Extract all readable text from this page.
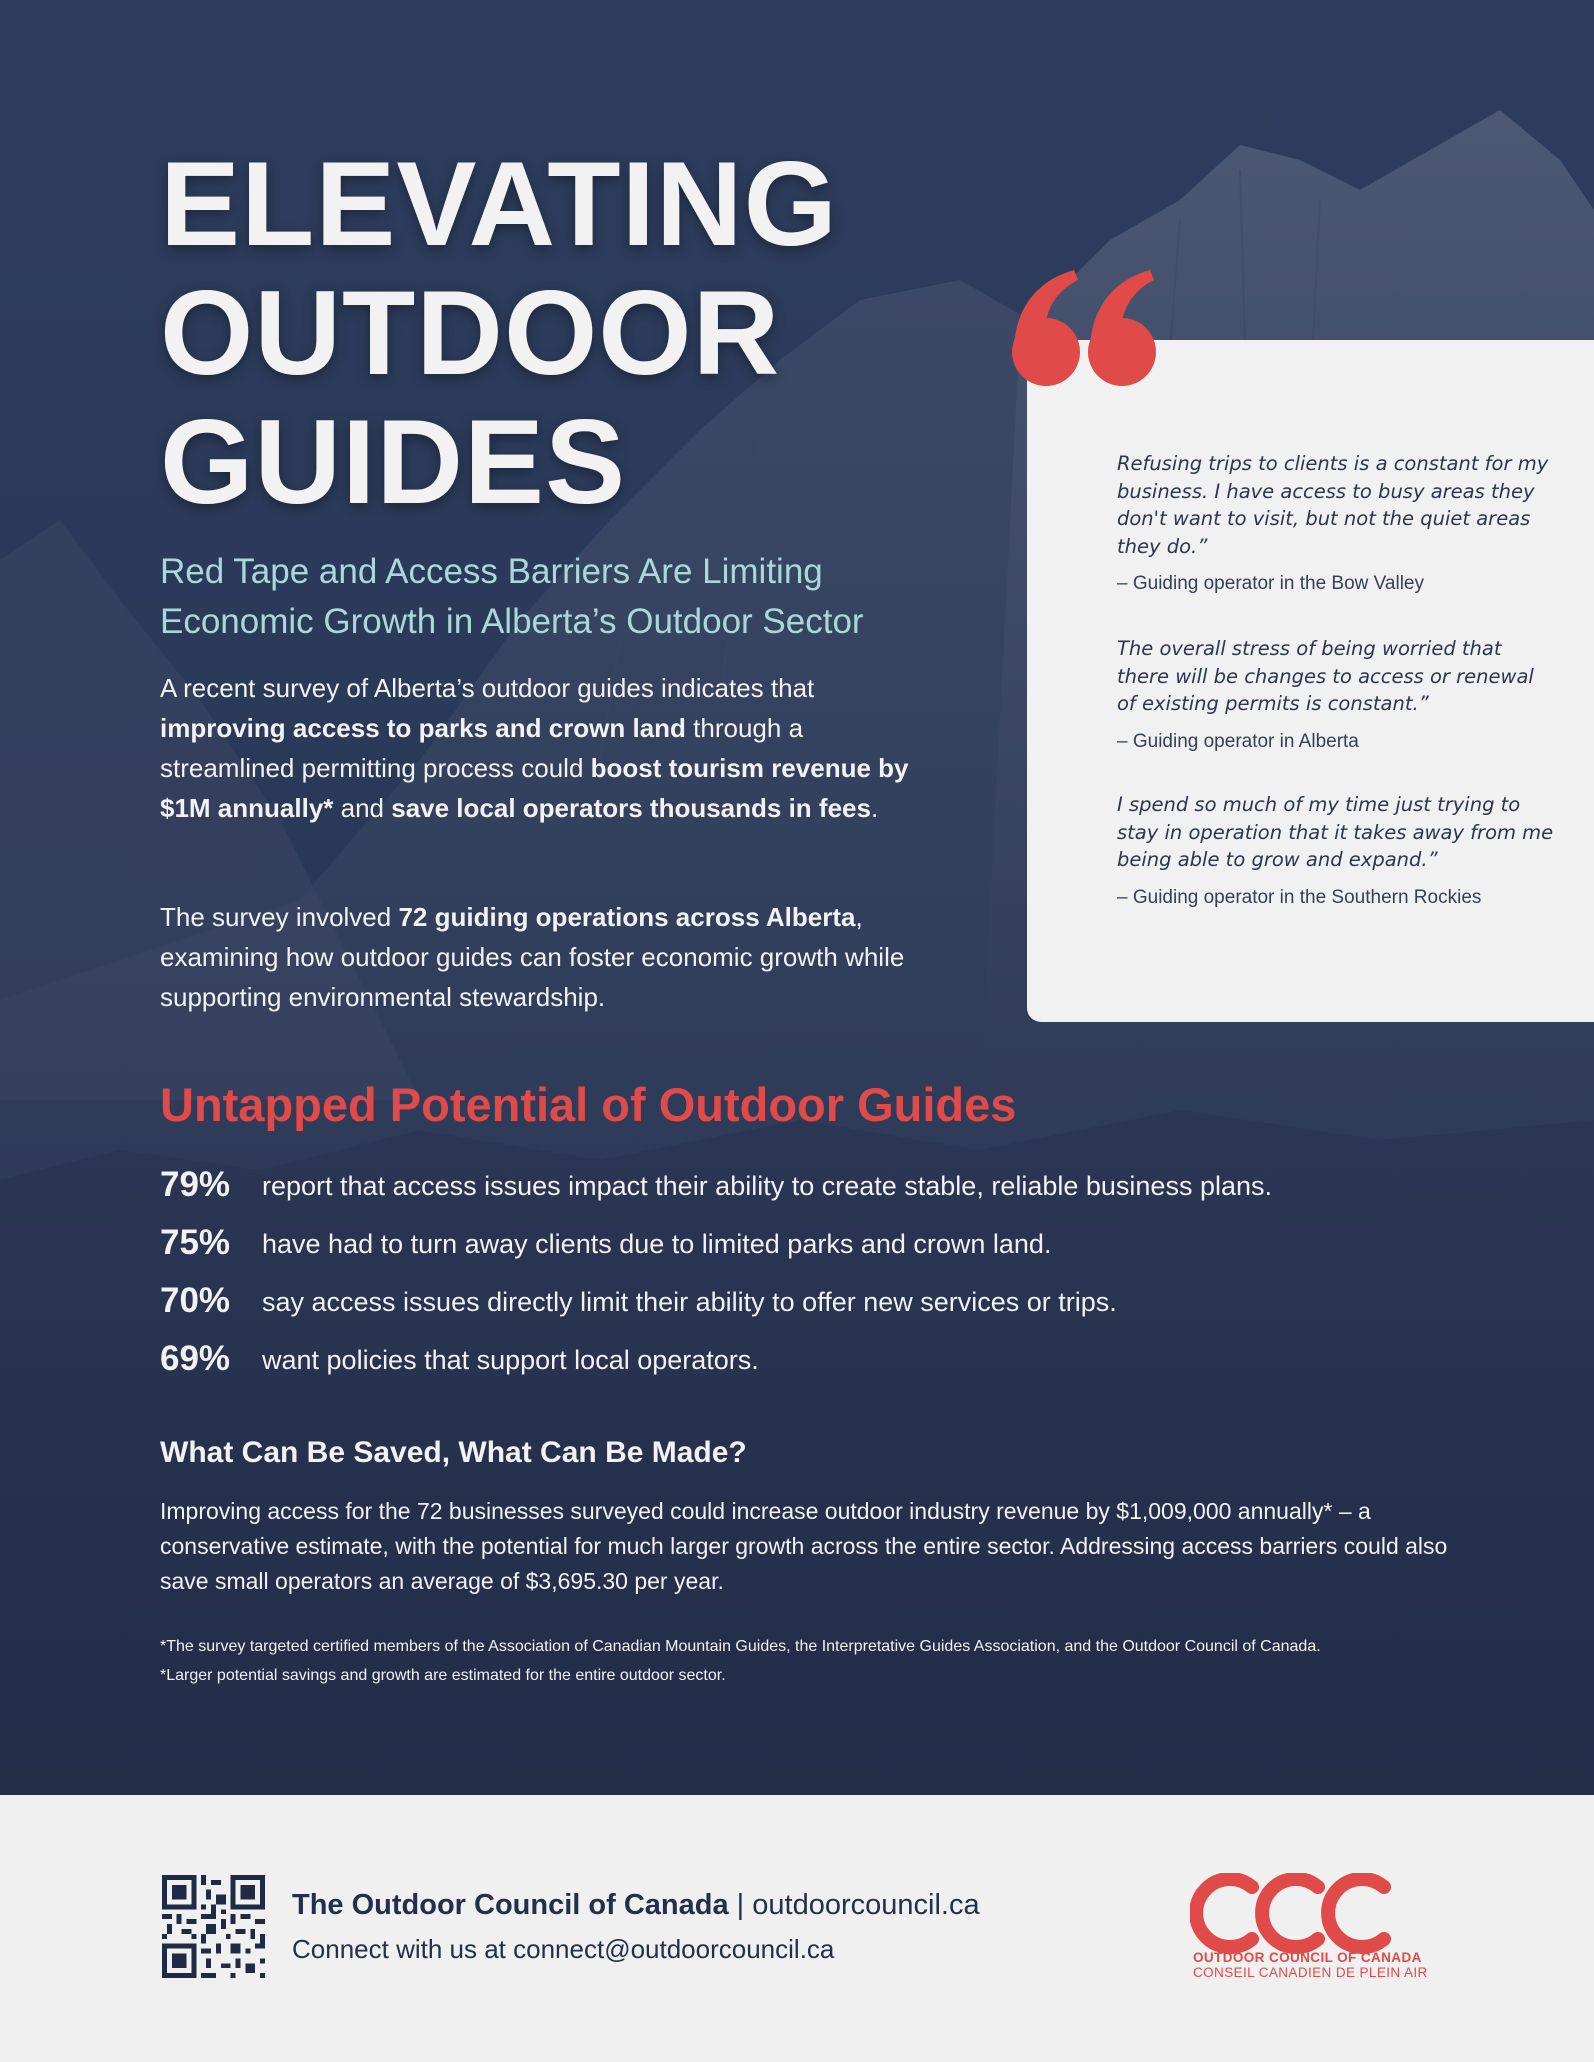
ELEVATING
OUTDOOR
GUIDES
Red Tape and Access Barriers Are Limiting
Economic Growth in Alberta’s Outdoor Sector

A recent survey of Alberta’s outdoor guides indicates that improving access to parks and crown land through a streamlined permitting process could boost tourism revenue by $1M annually* and save local operators thousands in fees.

The survey involved 72 guiding operations across Alberta, examining how outdoor guides can foster economic growth while supporting environmental stewardship.

Refusing trips to clients is a constant for my business. I have access to busy areas they don't want to visit, but not the quiet areas they do.”

– Guiding operator in the Bow Valley

The overall stress of being worried that there will be changes to access or renewal of existing permits is constant.”

– Guiding operator in Alberta

I spend so much of my time just trying to stay in operation that it takes away from me being able to grow and expand.”

– Guiding operator in the Southern Rockies

Untapped Potential of Outdoor Guides
79% report that access issues impact their ability to create stable, reliable business plans.
75% have had to turn away clients due to limited parks and crown land.
70% say access issues directly limit their ability to offer new services or trips.
69% want policies that support local operators.
What Can Be Saved, What Can Be Made?

Improving access for the 72 businesses surveyed could increase outdoor industry revenue by $1,009,000 annually* – a conservative estimate, with the potential for much larger growth across the entire sector. Addressing access barriers could also save small operators an average of $3,695.30 per year.

*The survey targeted certified members of the Association of Canadian Mountain Guides, the Interpretative Guides Association, and the Outdoor Council of Canada.
*Larger potential savings and growth are estimated for the entire outdoor sector.
The Outdoor Council of Canada | outdoorcouncil.ca
Connect with us at connect@outdoorcouncil.ca	OUTDOOR COUNCIL OF CANADA
CONSEIL CANADIEN DE PLEIN AIR
